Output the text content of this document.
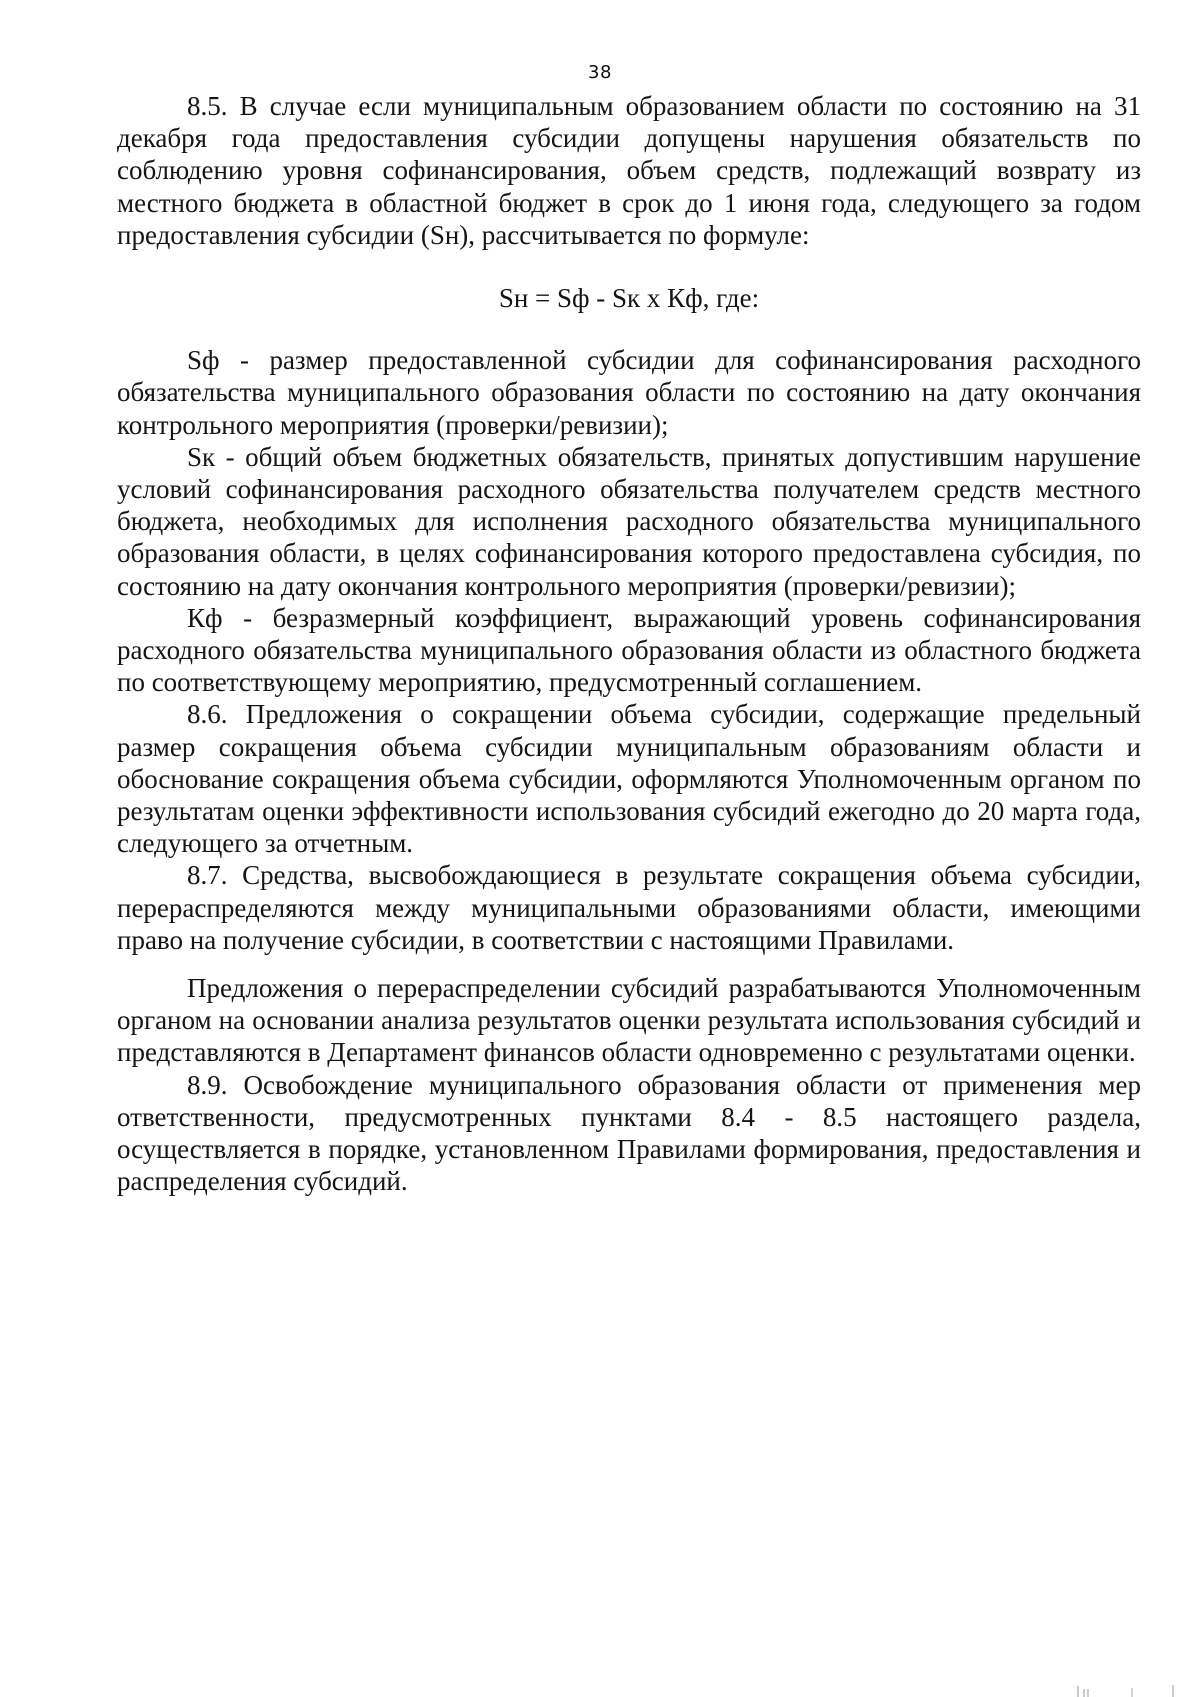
38

8.5. В случае если муниципальным образованием области по состоянию на 31 декабря года предоставления субсидии допущены нарушения обязательств по соблюдению уровня софинансирования, объем средств, подлежащий возврату из местного бюджета в областной бюджет в срок до 1 июня года, следующего за годом предоставления субсидии (Sн), рассчитывается по формуле:

Sн = Sф - Sк х Кф, где:

Sф - размер предоставленной субсидии для софинансирования расходного обязательства муниципального образования области по состоянию на дату окончания контрольного мероприятия (проверки/ревизии);

Sк - общий объем бюджетных обязательств, принятых допустившим нарушение условий софинансирования расходного обязательства получателем средств местного бюджета, необходимых для исполнения расходного обязательства муниципального образования области, в целях софинансирования которого предоставлена субсидия, по состоянию на дату окончания контрольного мероприятия (проверки/ревизии);

Кф - безразмерный коэффициент, выражающий уровень софинансирования расходного обязательства муниципального образования области из областного бюджета по соответствующему мероприятию, предусмотренный соглашением.

8.6. Предложения о сокращении объема субсидии, содержащие предельный размер сокращения объема субсидии муниципальным образованиям области и обоснование сокращения объема субсидии, оформляются Уполномоченным органом по результатам оценки эффективности использования субсидий ежегодно до 20 марта года, следующего за отчетным.

8.7. Средства, высвобождающиеся в результате сокращения объема субсидии, перераспределяются между муниципальными образованиями области, имеющими право на получение субсидии, в соответствии с настоящими Правилами.

Предложения о перераспределении субсидий разрабатываются Уполномоченным органом на основании анализа результатов оценки результата использования субсидий и представляются в Департамент финансов области одновременно с результатами оценки.

8.9. Освобождение муниципального образования области от применения мер ответственности, предусмотренных пунктами 8.4 - 8.5 настоящего раздела, осуществляется в порядке, установленном Правилами формирования, предоставления и распределения субсидий.
